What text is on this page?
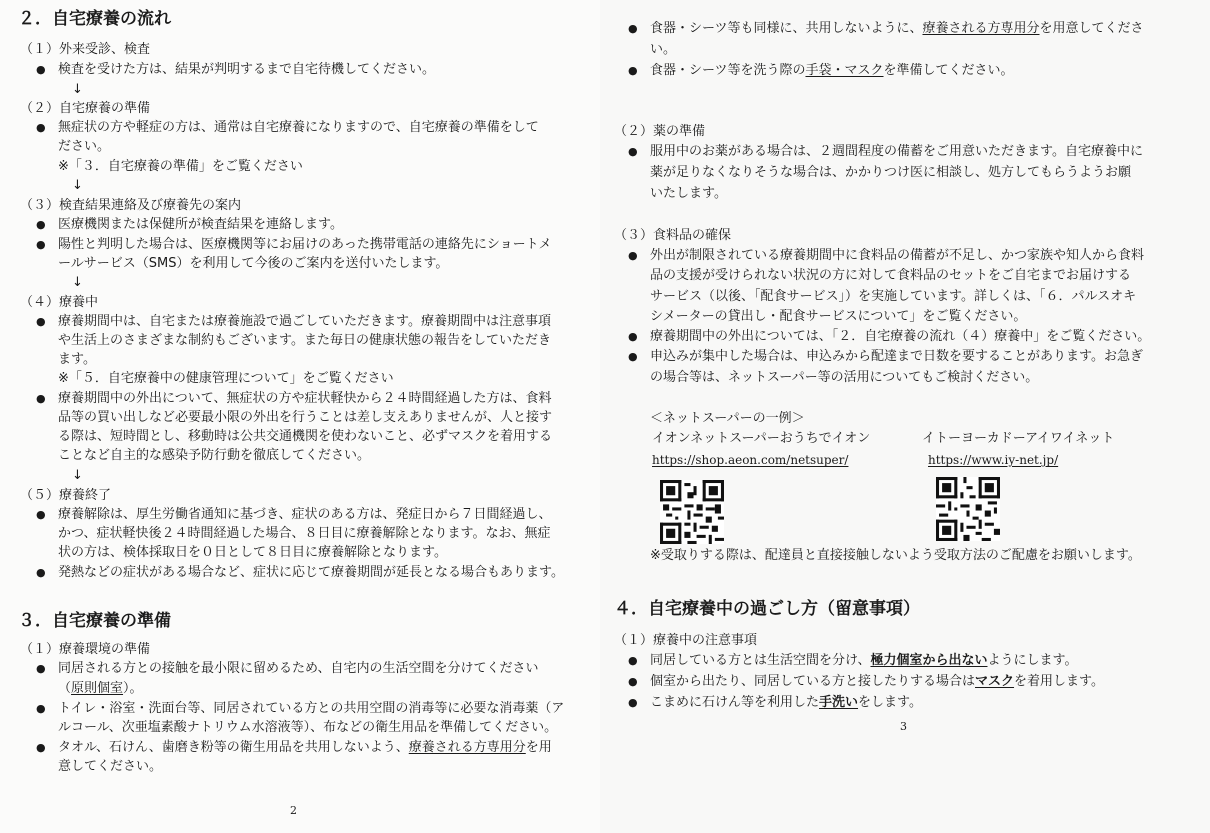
２．自宅療養の流れ
（１）外来受診、検査
● 検査を受けた方は、結果が判明するまで自宅待機してください。
↓
（２）自宅療養の準備
● 無症状の方や軽症の方は、通常は自宅療養になりますので、自宅療養の準備をして
ださい。
※「３．自宅療養の準備」をご覧ください
↓
（３）検査結果連絡及び療養先の案内
● 医療機関または保健所が検査結果を連絡します。
● 陽性と判明した場合は、医療機関等にお届けのあった携帯電話の連絡先にショートメ
ールサービス（SMS）を利用して今後のご案内を送付いたします。
↓
（４）療養中
● 療養期間中は、自宅または療養施設で過ごしていただきます。療養期間中は注意事項
や生活上のさまざまな制約もございます。また毎日の健康状態の報告をしていただき
ます。
※「５．自宅療養中の健康管理について」をご覧ください
● 療養期間中の外出について、無症状の方や症状軽快から２４時間経過した方は、食料
品等の買い出しなど必要最小限の外出を行うことは差し支えありませんが、人と接す
る際は、短時間とし、移動時は公共交通機関を使わないこと、必ずマスクを着用する
ことなど自主的な感染予防行動を徹底してください。
↓
（５）療養終了
● 療養解除は、厚生労働省通知に基づき、症状のある方は、発症日から７日間経過し、
かつ、症状軽快後２４時間経過した場合、８日目に療養解除となります。なお、無症
状の方は、検体採取日を０日として８日目に療養解除となります。
● 発熱などの症状がある場合など、症状に応じて療養期間が延長となる場合もあります。
３．自宅療養の準備
（１）療養環境の準備
● 同居される方との接触を最小限に留めるため、自宅内の生活空間を分けてください
（原則個室）。
● トイレ・浴室・洗面台等、同居されている方との共用空間の消毒等に必要な消毒薬（ア
ルコール、次亜塩素酸ナトリウム水溶液等）、布などの衛生用品を準備してください。
● タオル、石けん、歯磨き粉等の衛生用品を共用しないよう、療養される方専用分を用
意してください。
2
● 食器・シーツ等も同様に、共用しないように、療養される方専用分を用意してくださ
い。
● 食器・シーツ等を洗う際の手袋・マスクを準備してください。
（２）薬の準備
● 服用中のお薬がある場合は、２週間程度の備蓄をご用意いただきます。自宅療養中に
薬が足りなくなりそうな場合は、かかりつけ医に相談し、処方してもらうようお願
いたします。
（３）食料品の確保
● 外出が制限されている療養期間中に食料品の備蓄が不足し、かつ家族や知人から食料
品の支援が受けられない状況の方に対して食料品のセットをご自宅までお届けする
サービス（以後、「配食サービス」）を実施しています。詳しくは、「６．パルスオキ
シメーターの貸出し・配食サービスについて」をご覧ください。
● 療養期間中の外出については、「２．自宅療養の流れ（４）療養中」をご覧ください。
● 申込みが集中した場合は、申込みから配達まで日数を要することがあります。お急ぎ
の場合等は、ネットスーパー等の活用についてもご検討ください。
＜ネットスーパーの一例＞
イオンネットスーパーおうちでイオン	イトーヨーカドーアイワイネット
https://shop.aeon.com/netsuper/	https://www.iy-net.jp/
※受取りする際は、配達員と直接接触しないよう受取方法のご配慮をお願いします。
４．自宅療養中の過ごし方（留意事項）
（１）療養中の注意事項
● 同居している方とは生活空間を分け、極力個室から出ないようにします。
● 個室から出たり、同居している方と接したりする場合はマスクを着用します。
● こまめに石けん等を利用した手洗いをします。
3
